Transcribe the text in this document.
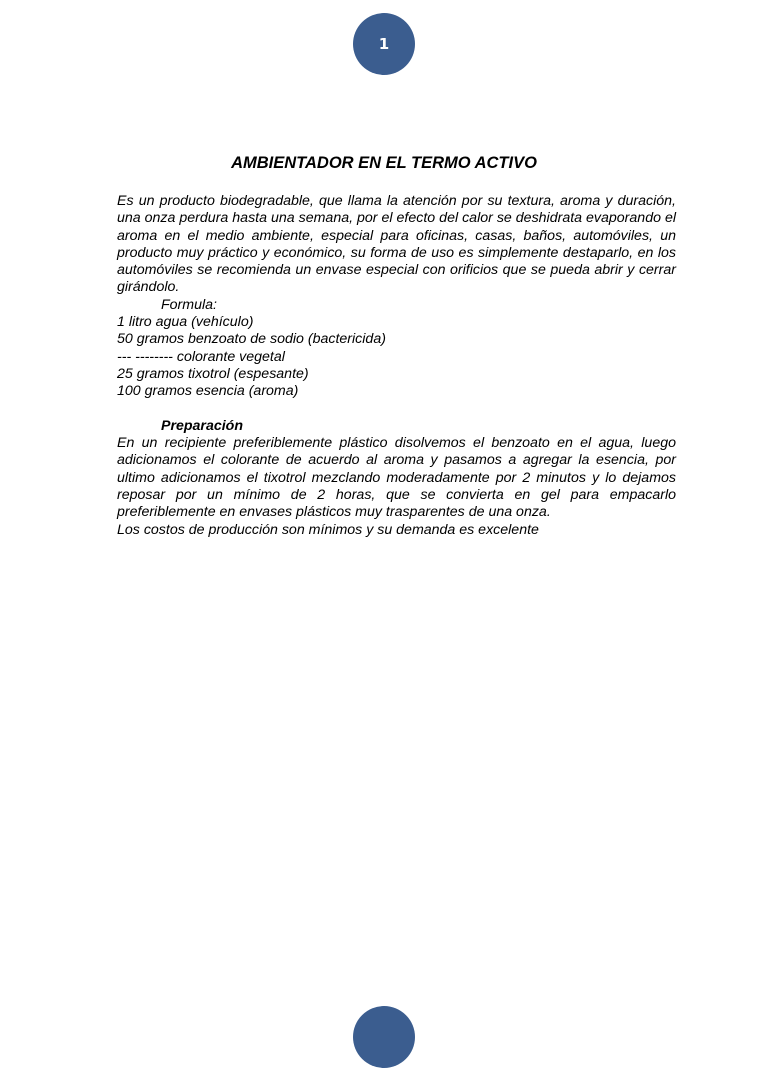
1
AMBIENTADOR EN EL TERMO ACTIVO

Es un producto biodegradable, que llama la atención por su textura, aroma y duración, una onza perdura hasta una semana, por el efecto del calor se deshidrata evaporando el aroma en el medio ambiente, especial para oficinas, casas, baños, automóviles, un producto muy práctico y económico, su forma de uso es simplemente destaparlo, en los automóviles se recomienda un envase especial con orificios que se pueda abrir y cerrar girándolo.

Formula:

1 litro agua (vehículo)

50 gramos benzoato de sodio (bactericida)

--- -------- colorante vegetal

25 gramos tixotrol (espesante)

100 gramos esencia (aroma)

Preparación

En un recipiente preferiblemente plástico disolvemos el benzoato en el agua, luego adicionamos el colorante de acuerdo al aroma y pasamos a agregar la esencia, por ultimo adicionamos el tixotrol mezclando moderadamente por 2 minutos y lo dejamos reposar por un mínimo de 2 horas, que se convierta en gel para empacarlo preferiblemente en envases plásticos muy trasparentes de una onza.

Los costos de producción son mínimos y su demanda es excelente
